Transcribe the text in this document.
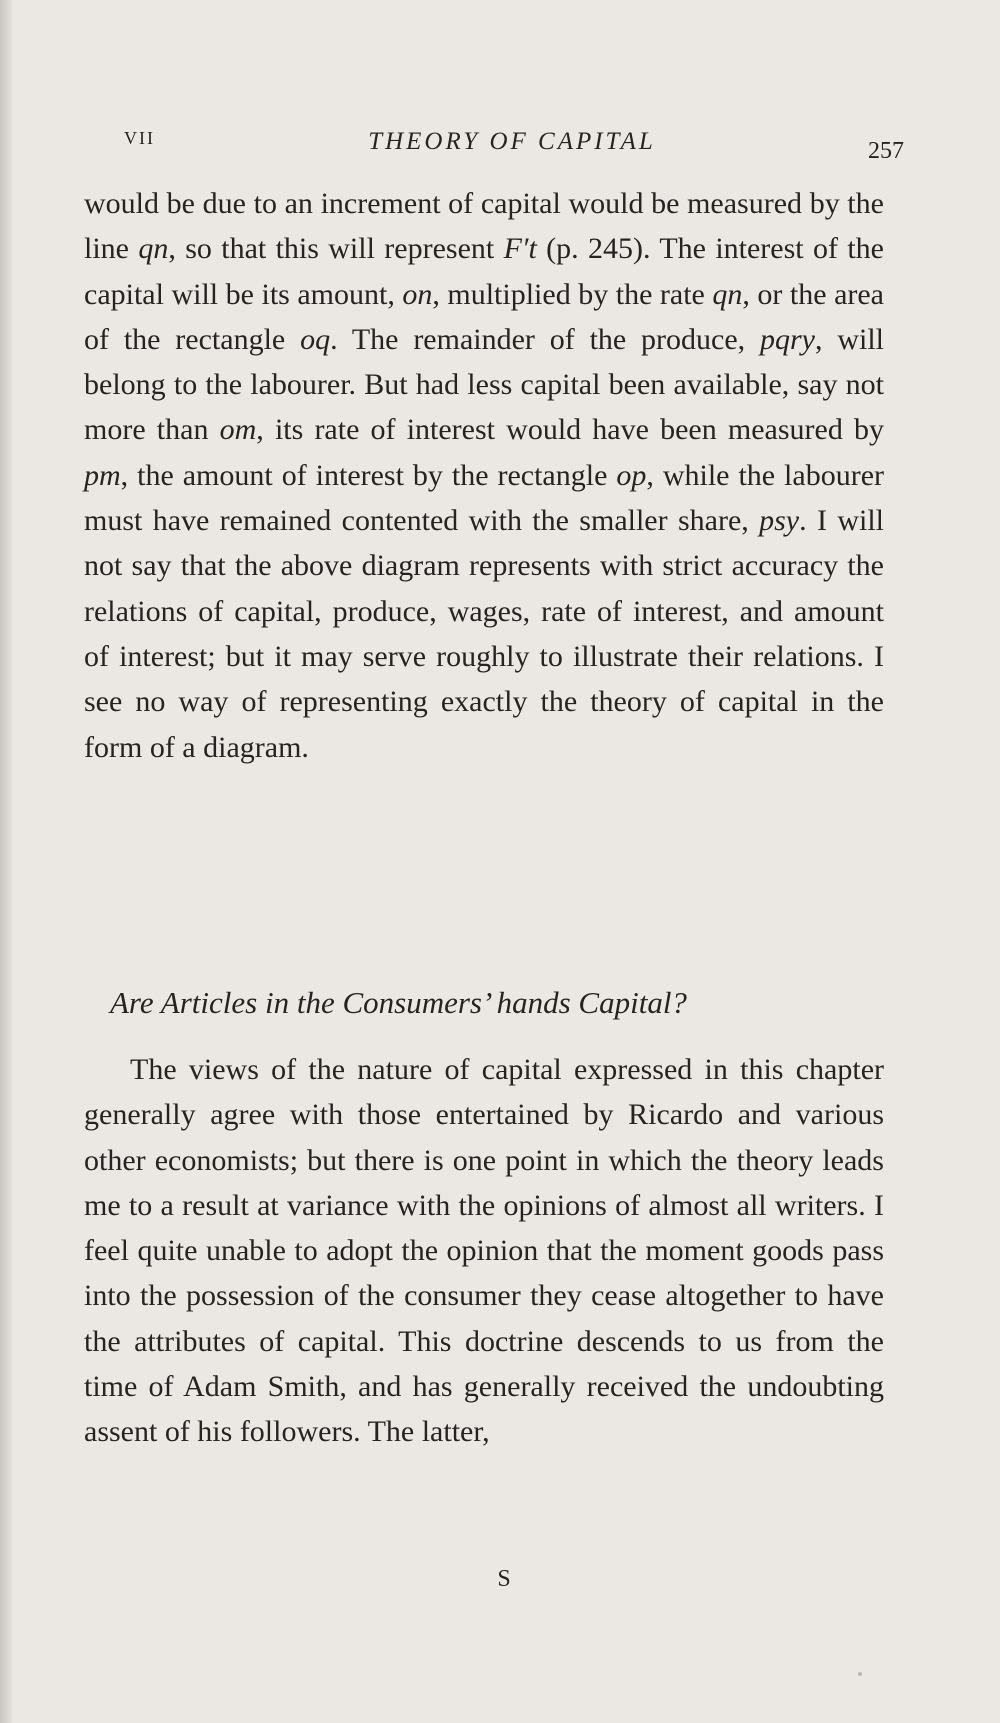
VII	THEORY OF CAPITAL	257

would be due to an increment of capital would be measured by the line qn, so that this will represent F′t (p. 245). The interest of the capital will be its amount, on, multiplied by the rate qn, or the area of the rectangle oq. The remainder of the produce, pqry, will belong to the labourer. But had less capital been available, say not more than om, its rate of interest would have been measured by pm, the amount of interest by the rectangle op, while the labourer must have remained contented with the smaller share, psy. I will not say that the above diagram represents with strict accuracy the relations of capital, produce, wages, rate of interest, and amount of interest; but it may serve roughly to illustrate their relations. I see no way of representing exactly the theory of capital in the form of a diagram.

Are Articles in the Consumers’ hands Capital?

The views of the nature of capital expressed in this chapter generally agree with those entertained by Ricardo and various other economists; but there is one point in which the theory leads me to a result at variance with the opinions of almost all writers. I feel quite unable to adopt the opinion that the moment goods pass into the possession of the consumer they cease altogether to have the attributes of capital. This doctrine descends to us from the time of Adam Smith, and has generally received the undoubting assent of his followers. The latter,

S
